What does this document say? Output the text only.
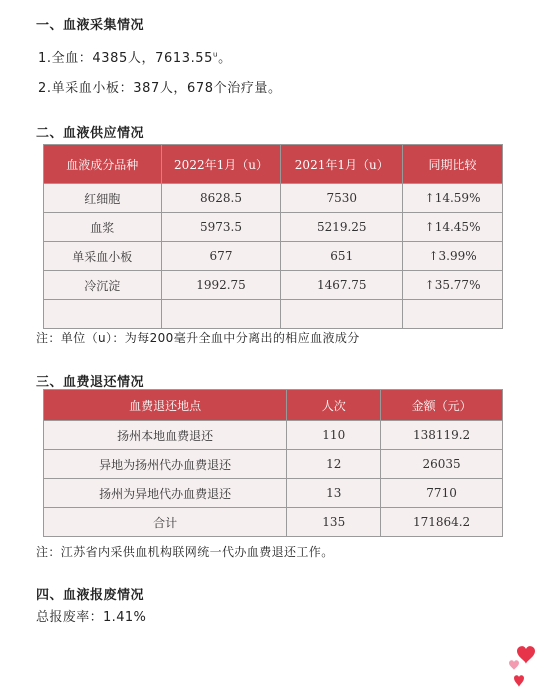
一、血液采集情况
1.全血：4385人，7613.55$^u$。
2.单采血小板：387人，678个治疗量。
二、血液供应情况
血液成分品种	2022年1月（u）	2021年1月（u）	同期比较
红细胞	8628.5	7530	↑14.59%
血浆	5973.5	5219.25	↑14.45%
单采血小板	677	651	↑3.99%
冷沉淀	1992.75	1467.75	↑35.77%

注：单位（u）：为每200毫升全血中分离出的相应血液成分
三、血费退还情况
血费退还地点	人次	金额（元）
扬州本地血费退还	110	138119.2
异地为扬州代办血费退还	12	26035
扬州为异地代办血费退还	13	7710
合计	135	171864.2
注：江苏省内采供血机构联网统一代办血费退还工作。
四、血液报废情况
总报废率：1.41%
